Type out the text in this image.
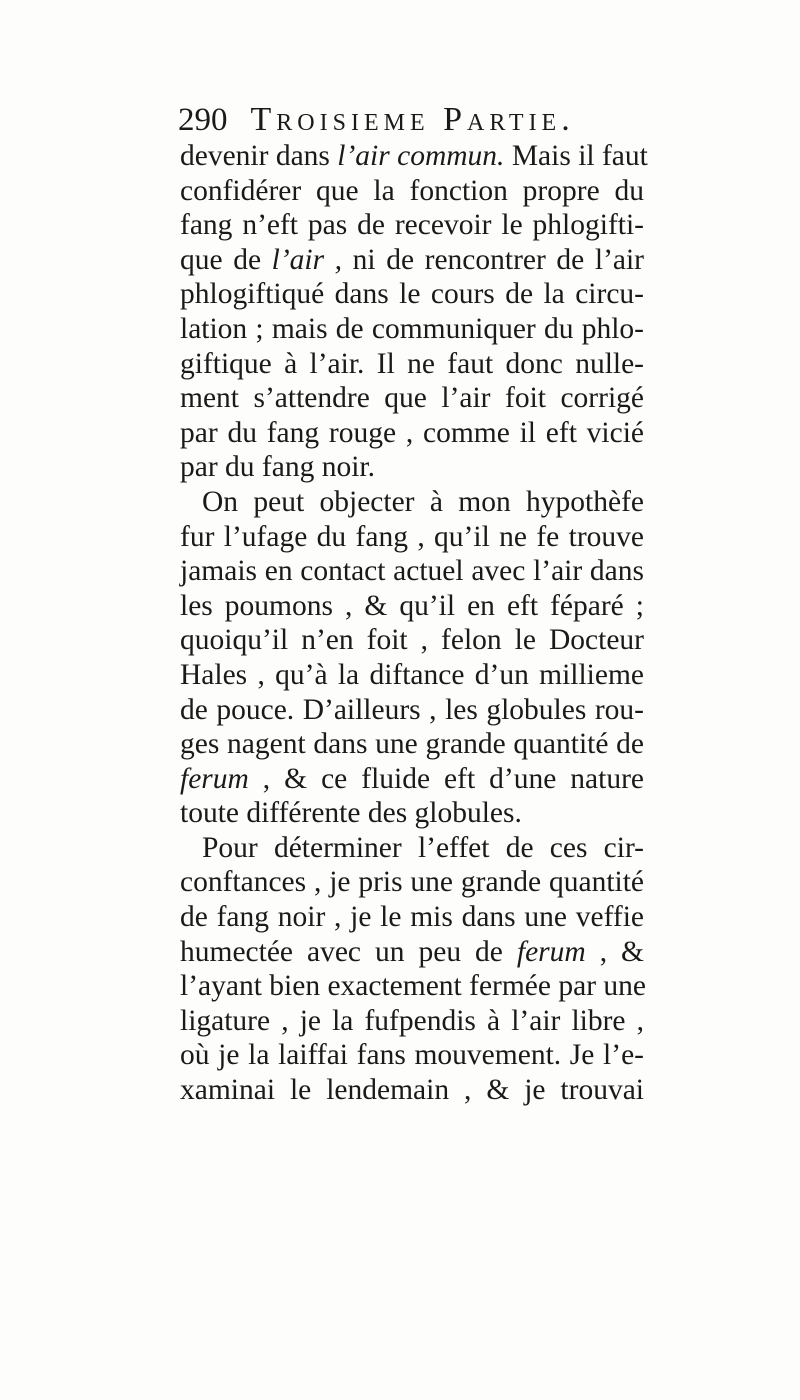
290 Troisieme Partie.
devenir dans l’air commun. Mais il faut
confidérer que la fonction propre du
fang n’eft pas de recevoir le phlogifti-
que de l’air , ni de rencontrer de l’air
phlogiftiqué dans le cours de la circu-
lation ; mais de communiquer du phlo-
giftique à l’air. Il ne faut donc nulle-
ment s’attendre que l’air foit corrigé
par du fang rouge , comme il eft vicié
par du fang noir.
On peut objecter à mon hypothèfe
fur l’ufage du fang , qu’il ne fe trouve
jamais en contact actuel avec l’air dans
les poumons , & qu’il en eft féparé ;
quoiqu’il n’en foit , felon le Docteur
Hales , qu’à la diftance d’un millieme
de pouce. D’ailleurs , les globules rou-
ges nagent dans une grande quantité de
ferum , & ce fluide eft d’une nature
toute différente des globules.
Pour déterminer l’effet de ces cir-
conftances , je pris une grande quantité
de fang noir , je le mis dans une veffie
humectée avec un peu de ferum , &
l’ayant bien exactement fermée par une
ligature , je la fufpendis à l’air libre ,
où je la laiffai fans mouvement. Je l’e-
xaminai le lendemain , & je trouvai
